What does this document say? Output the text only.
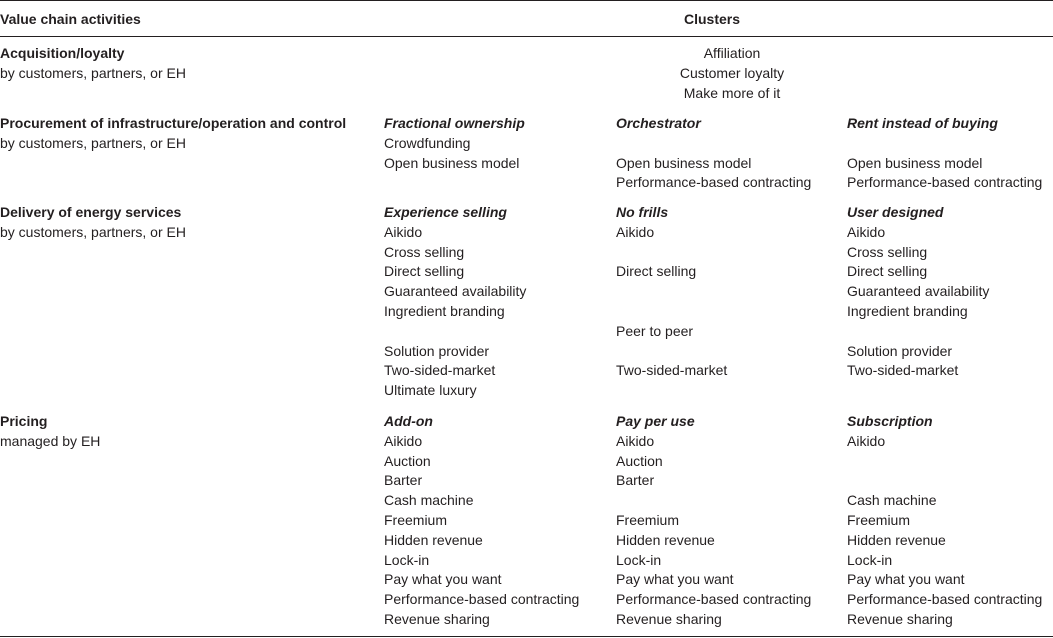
Value chain activities	Clusters
Acquisition/loyalty
by customers, partners, or EH
Affiliation
Customer loyalty
Make more of it
Procurement of infrastructure/operation and control
by customers, partners, or EH
Fractional ownership
Crowdfunding
Open business model
Orchestrator
Open business model
Performance-based contracting
Rent instead of buying
Open business model
Performance-based contracting
Delivery of energy services
by customers, partners, or EH
Experience selling
Aikido
Cross selling
Direct selling
Guaranteed availability
Ingredient branding
Solution provider
Two-sided-market
Ultimate luxury
No frills
Aikido
Direct selling
Peer to peer
Two-sided-market
User designed
Aikido
Cross selling
Direct selling
Guaranteed availability
Ingredient branding
Solution provider
Two-sided-market
Pricing
managed by EH
Add-on
Aikido
Auction
Barter
Cash machine
Freemium
Hidden revenue
Lock-in
Pay what you want
Performance-based contracting
Revenue sharing
Pay per use
Aikido
Auction
Barter
Freemium
Hidden revenue
Lock-in
Pay what you want
Performance-based contracting
Revenue sharing
Subscription
Aikido
Cash machine
Freemium
Hidden revenue
Lock-in
Pay what you want
Performance-based contracting
Revenue sharing
